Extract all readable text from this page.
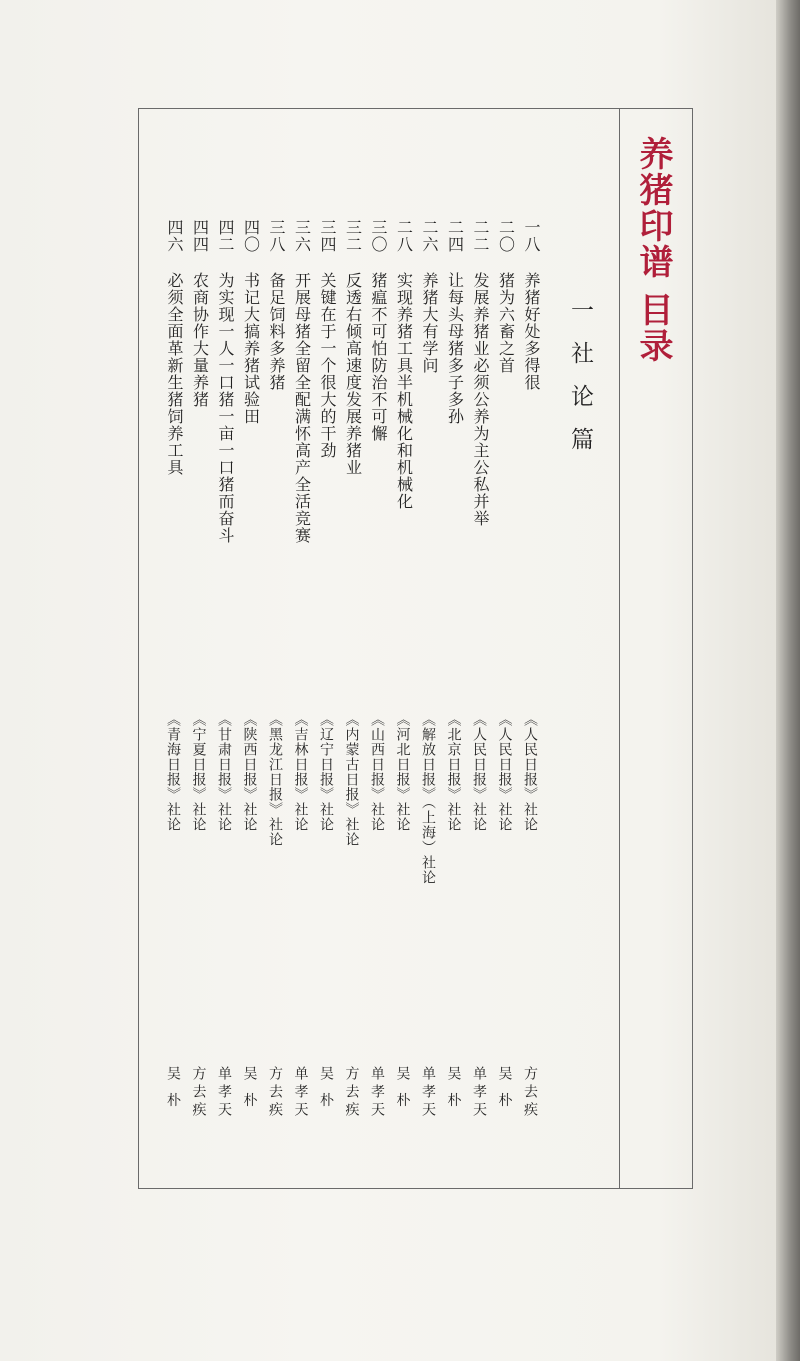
养猪印谱目录
一社论篇
一八
养猪好处多得很
《人民日报》社论
方去疾
二〇
猪为六畜之首
《人民日报》社论
吴 朴
二二
发展养猪业必须公养为主公私并举
《人民日报》社论
单孝天
二四
让每头母猪多子多孙
《北京日报》社论
吴 朴
二六
养猪大有学问
《解放日报》（上海）社论
单孝天
二八
实现养猪工具半机械化和机械化
《河北日报》社论
吴 朴
三〇
猪瘟不可怕防治不可懈
《山西日报》社论
单孝天
三二
反透右倾高速度发展养猪业
《内蒙古日报》社论
方去疾
三四
关键在于一个很大的干劲
《辽宁日报》社论
吴 朴
三六
开展母猪全留全配满怀高产全活竞赛
《吉林日报》社论
单孝天
三八
备足饲料多养猪
《黑龙江日报》社论
方去疾
四〇
书记大搞养猪试验田
《陕西日报》社论
吴 朴
四二
为实现一人一口猪一亩一口猪而奋斗
《甘肃日报》社论
单孝天
四四
农商协作大量养猪
《宁夏日报》社论
方去疾
四六
必须全面革新生猪饲养工具
《青海日报》社论
吴 朴
